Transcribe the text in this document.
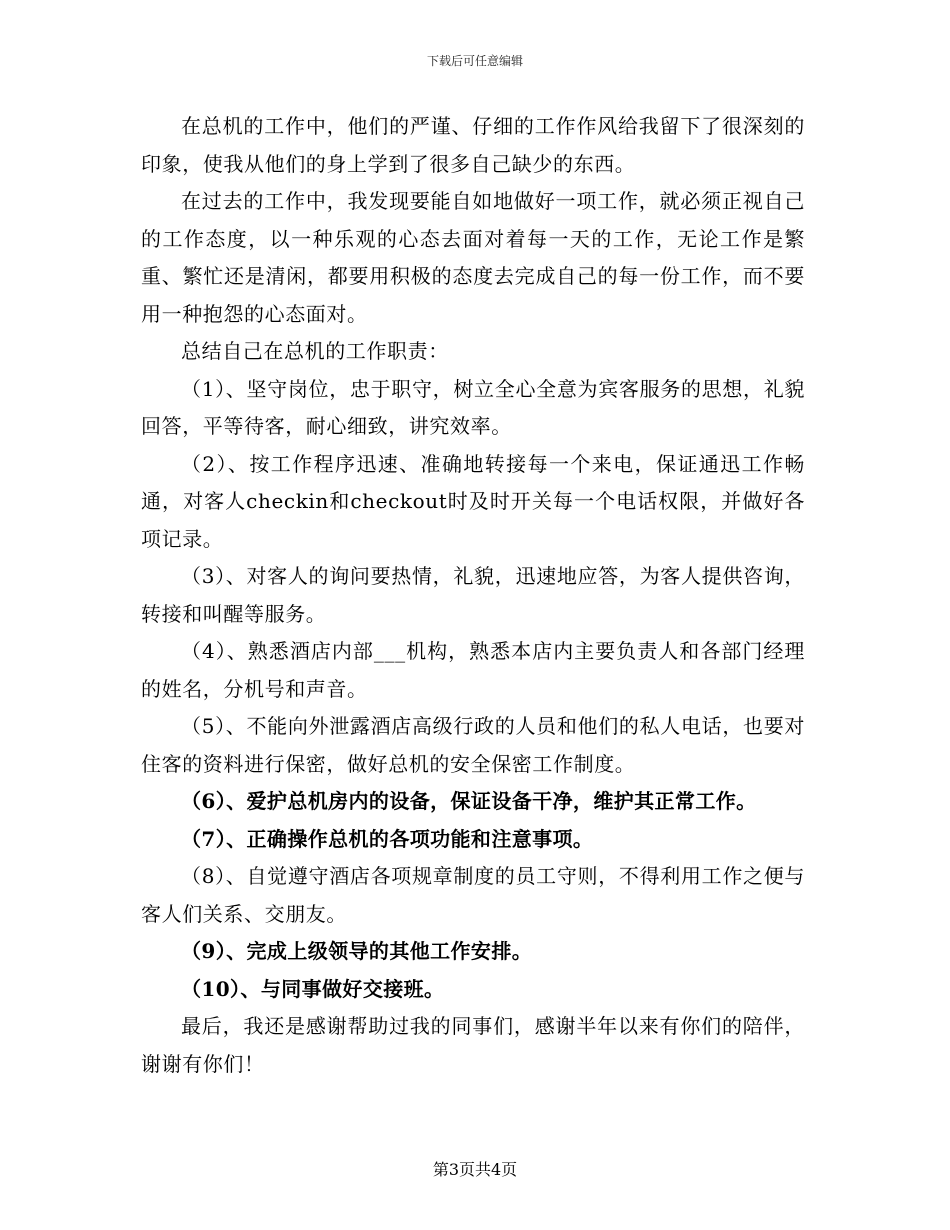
下载后可任意编辑

在总机的工作中，他们的严谨、仔细的工作作风给我留下了很深刻的印象，使我从他们的身上学到了很多自己缺少的东西。

在过去的工作中，我发现要能自如地做好一项工作，就必须正视自己的工作态度，以一种乐观的心态去面对着每一天的工作，无论工作是繁重、繁忙还是清闲，都要用积极的态度去完成自己的每一份工作，而不要用一种抱怨的心态面对。

总结自己在总机的工作职责：

（1）、坚守岗位，忠于职守，树立全心全意为宾客服务的思想，礼貌回答，平等待客，耐心细致，讲究效率。

（2）、按工作程序迅速、准确地转接每一个来电，保证通迅工作畅通，对客人checkin和checkout时及时开关每一个电话权限，并做好各项记录。

（3）、对客人的询问要热情，礼貌，迅速地应答，为客人提供咨询，转接和叫醒等服务。

（4）、熟悉酒店内部___机构，熟悉本店内主要负责人和各部门经理的姓名，分机号和声音。

（5）、不能向外泄露酒店高级行政的人员和他们的私人电话，也要对住客的资料进行保密，做好总机的安全保密工作制度。

（6）、爱护总机房内的设备，保证设备干净，维护其正常工作。

（7）、正确操作总机的各项功能和注意事项。

（8）、自觉遵守酒店各项规章制度的员工守则，不得利用工作之便与客人们关系、交朋友。

（9）、完成上级领导的其他工作安排。

（10）、与同事做好交接班。

最后，我还是感谢帮助过我的同事们，感谢半年以来有你们的陪伴，谢谢有你们！

第3页共4页
